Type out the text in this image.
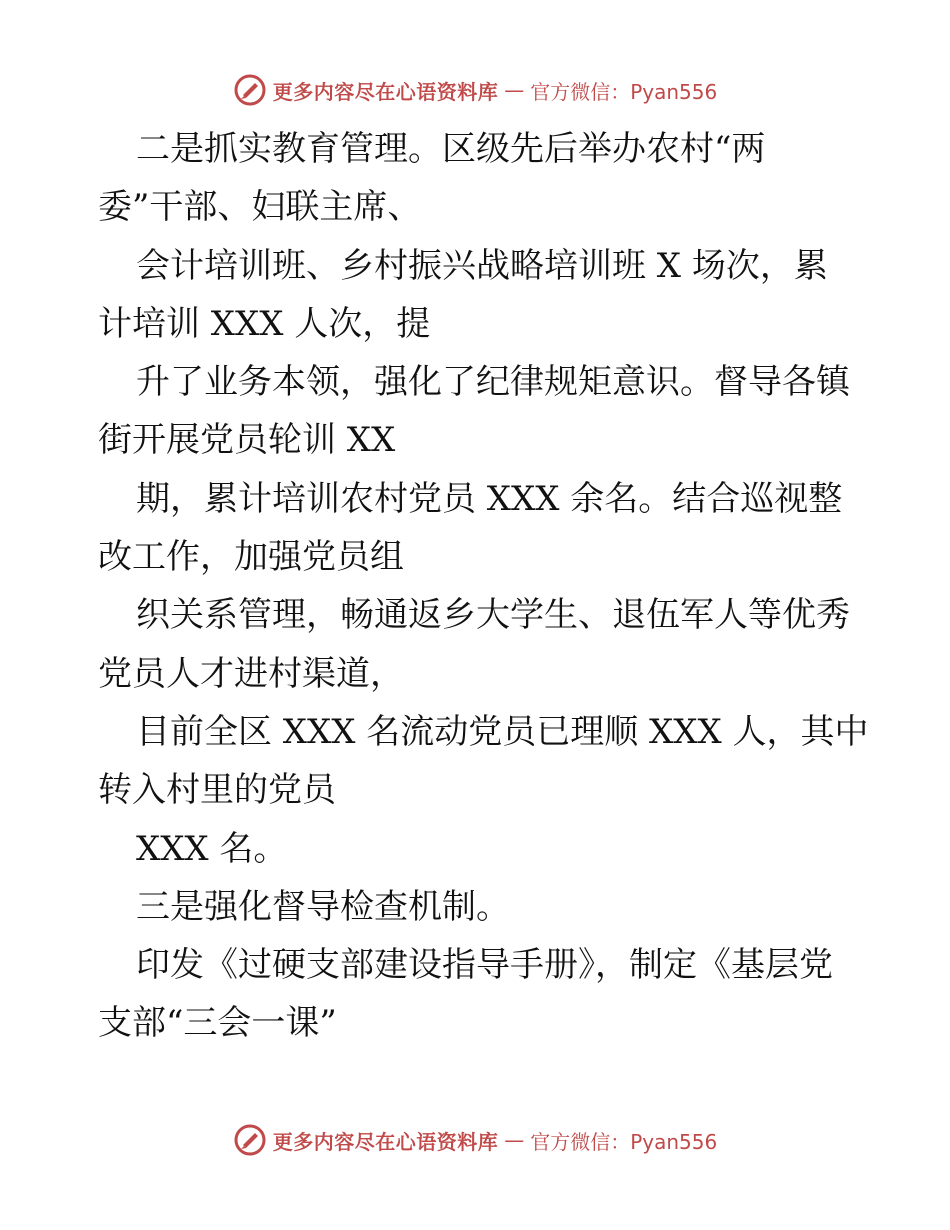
更多内容尽在心语资料库 — 官方微信：Pyan556
二是抓实教育管理。区级先后举办农村“两
委”干部、妇联主席、
会计培训班、乡村振兴战略培训班 X 场次，累
计培训 XXX 人次，提
升了业务本领，强化了纪律规矩意识。督导各镇
街开展党员轮训 XX
期，累计培训农村党员 XXX 余名。结合巡视整
改工作，加强党员组
织关系管理，畅通返乡大学生、退伍军人等优秀
党员人才进村渠道，
目前全区 XXX 名流动党员已理顺 XXX 人，其中
转入村里的党员
XXX 名。
三是强化督导检查机制。
印发《过硬支部建设指导手册》，制定《基层党
支部“三会一课”
更多内容尽在心语资料库 — 官方微信：Pyan556
